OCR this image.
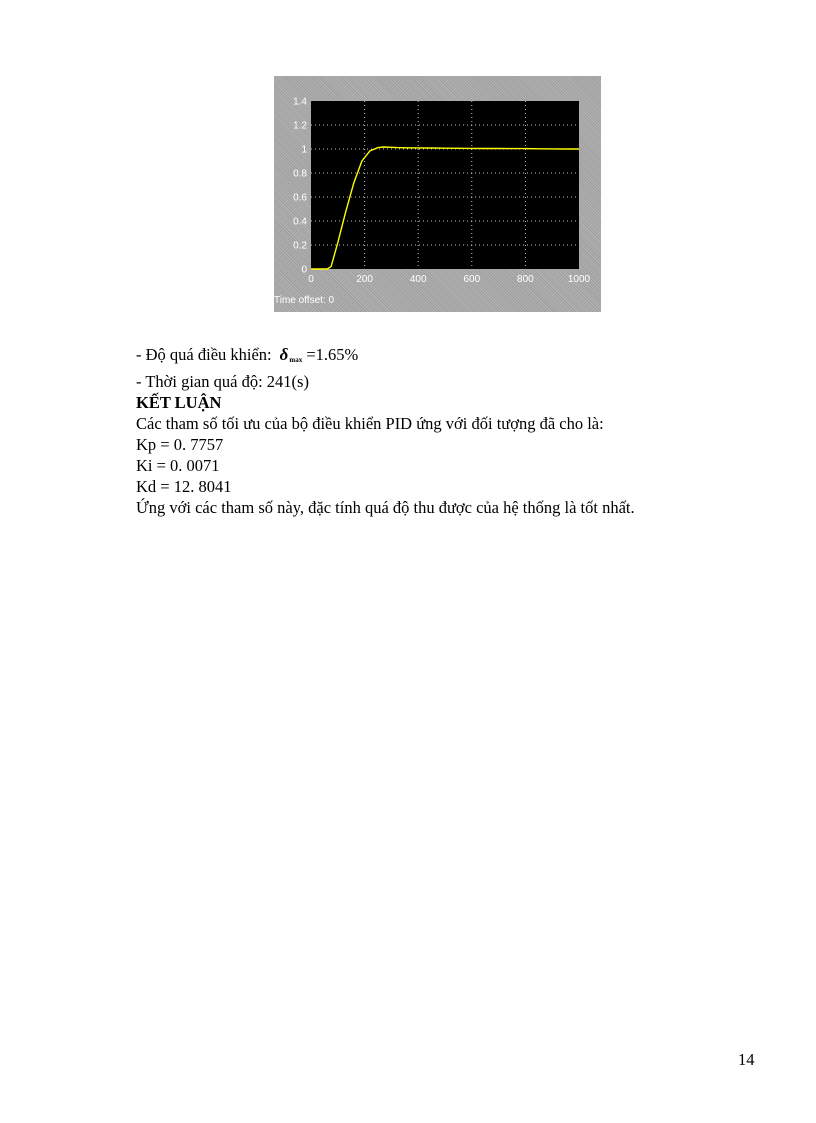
0	200	400	600	800	1000
0
0.2
0.4
0.6
0.8
1
1.2
1.4
Time offset: 0

- Độ quá điều khiển: $\delta_{max} =1.65\%$

- Thời gian quá độ: 241(s)

KẾT LUẬN

Các tham số tối ưu của bộ điều khiển PID ứng với đối tượng đã cho là:

Kp = 0. 7757

Ki = 0. 0071

Kd = 12. 8041

Ứng với các tham số này, đặc tính quá độ thu được của hệ thống là tốt nhất.

14
